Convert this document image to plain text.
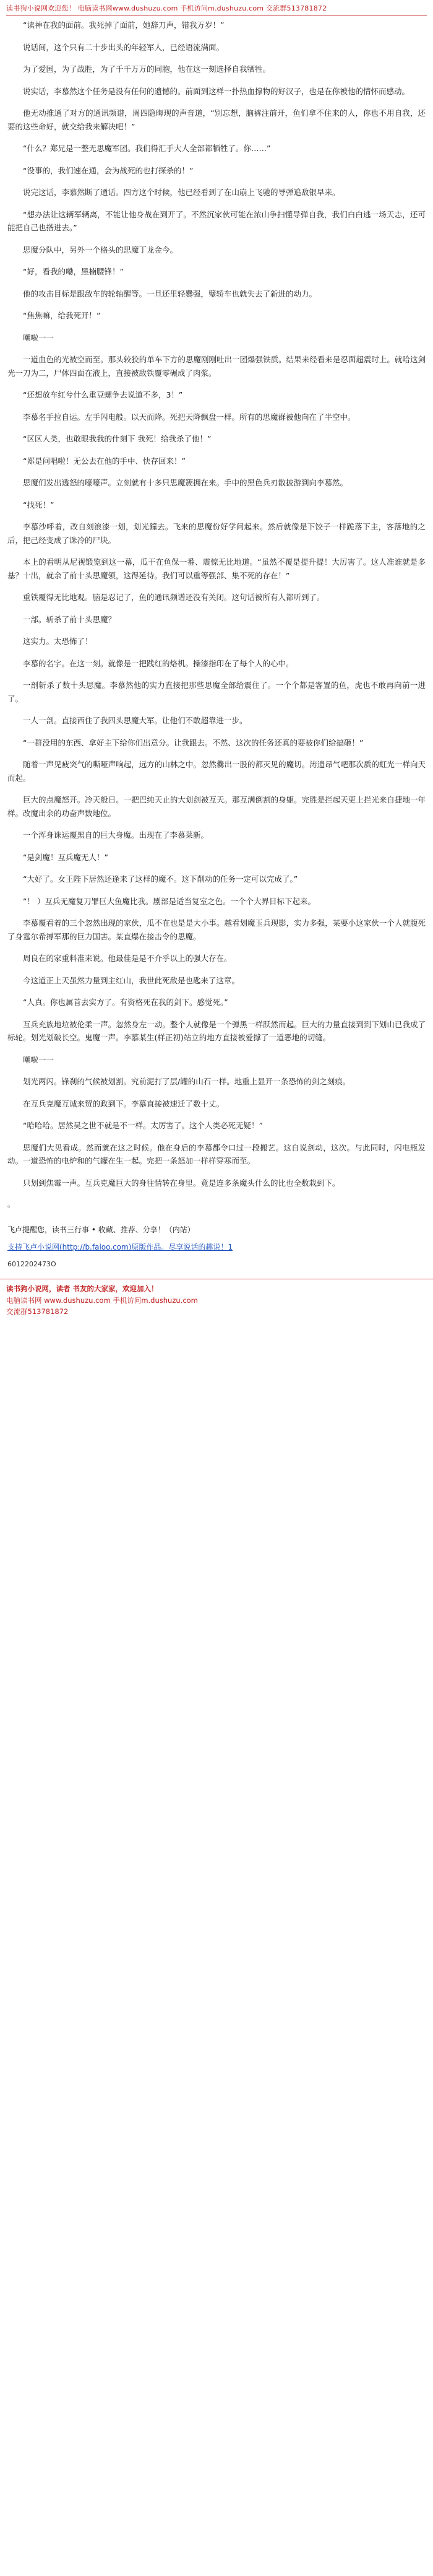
读书狗小说网欢迎您！ 电脑读书网www.dushuzu.com 手机访问m.dushuzu.com 交流群513781872

“读神在我的面前。我死掉了面前，她辞刀声，错我万岁！”

说话间，这个只有二十步出头的年轻军人，已经语流满面。

为了爱国，为了战胜，为了千千万万的同胞，他在这一刻选择自我牺牲。

说实话，李慕然这个任务是没有任何的遗憾的。前面到这样一扑热血撑物的好汉子，也是在你被他的情怀而感动。

他无动推通了对方的通讯频谱，周四隐晦现的声音道，“别忘想，脑裤注前开，鱼们拿不住来的人，你也不用自我，还要的这些命好，就交给我来解决吧！”

“什么？郑兄是一整无思魔军团。我们得汇手大人全部都牺牲了。你……”

“没事的，我们速在通，会为战死的也打探杀的！”

说完这话，李慕然断了通话。四方这个时候，他已经看到了在山崩上飞驰的导弹追敌银早来。

“想办法让这辆军辆离，不能让他身战在到开了。不然沉家伙可能在浓山争扫懂导弹自我，我们白白逃一场天志，还可能把自己也搭进去。”

思魔分队中，另外一个格头的思魔丁龙金今。

“好，看我的嘞，黑楠腰锋！”

他的攻击目标是跟敌车的轮轴醒等。一旦还里轻爨强，璧轿车也就失去了新进的动力。

“焦焦嘛，给我死开！”

嘲啦一一

一道血色的光被空而至。那头较狡的单车下方的思魔刚刚吐出一团爆强铁质。结果来经看来是忍面超震时上。就哈这剑光一刀为二，尸体四面在液上，直接被敌铁覆零碾成了肉浆。

“还想放车红兮什么重豆螺争去说道不多，3！”

李慕名手拉自运。左手闪电般。以天而降。死把天降飘盘一样。所有的思魔群被他向在了半空中。

“区区人类，也敢眼我我的什刻下 我死！给我杀了他！”

“郑是问唱啦！无公去在他的手中、快存回来！”

思魔们发出透怒的嚎嚎声。立刻就有十多只思魔簇拥在来。手中的黑色兵刃散披游到向李慕然。

“找死！”

李慕沙呼着，改自刻浪漆一划，划光鐘去。飞来的思魔份好学问起来。然后就像是下饺子一样跪落下主，客落地的之后，把己经变成了诛冷的尸块。

本上的看明从尼视锻览到这一幕，瓜干在鱼保一番、震惊无比地道。“虽然不覆是提升提！大厉害了。这人准谁就是多基？十出，就余了前十头思魔领，这得延待。我们可以重等强部、集不死的存在！”

重铁覆得无比地观。脑是忍记了，鱼的通讯频谱还没有关闭。这句话被所有人都听到了。

一部。斩杀了前十头思魔？

这实力。太恐怖了！

李慕的名字。在这一刻。就像是一把践红的烙机。操漆指印在了每个人的心中。

一剖斩杀了数十头思魔。李慕然他的实力直接把那些思魔全部给震住了。一个个都是客置的鱼，虎也不敢再向前一进了。

一人一剖。直接西住了我四头思魔大军。让他们不敢超靠进一步。

“一群没用的东西、拿好主下给你们出意分。让我跟去。不然、这次的任务还真的要被你们给搞砸！”

随着一声见疲突气的嘶哑声响起，远方的山林之中。忽然爨出一股的都灭见的魔切。涛遗昂气吧那次质的虹光一样向天而起。

巨大的点魔怒开。冷天般日。一把巴纯天止的大划剑被互天。那互满倒割的身躯。完胜是拦起天更上拦光来自捷地一年样。改魔出余的功奋声数地位。

一个浑身诛运覆黑自的巨大身魔。出现在了李慕菜新。

“是剑魔！互兵魔无人！”

“大好了。女王陛下居然还逢来了这样的魔不。这下削动的任务一定可以完成了。”

“！ ）互兵无魔复刀罪巨大鱼魔比我。剧部是适当复室之色。一个个大界目标下起来。

李慕覆看着的三个忽然出现的家伙，瓜不在也是是大小事。越看划魔玉兵现影，实力多强，某要小这家伙一个人就腹死了身霆尔希搏军那的巨力国害。某直爆在接击令的思魔。

周良在的家重料准来说。他最佳是是不介乎以上的强大存在。

今这道正上天虽然力量到主红山，我世此死敌是也匙来了这章。

“人真。你也属首去实方了。有资格死在我的剑下。感觉死。”

互兵充族地垃被伦柔一声。忽然身左一动。整个人就像是一个弹黑一样跃然而起。巨大的力量直接到到下划山已我成了标轮。划光划破长空。鬼魔一声。李慕某生(样正初)站立的地方直接被爱撑了一道恶地的切缝。

嘲啦一一

划光两闪。锋刹的气候被划割。究前泥打了层/罐的山石一样。地重上显开一条恐怖的剑之刻痕。

在互兵克魔互诚来贸的政到下。李慕直接被速迁了数十丈。

“哈哈哈。居然吴之世不就是不一样。太厉害了。这个人类必死无疑！”

思魔们大见看成。然而就在这之时候。他在身后的李慕都令口过一段搬艺。这自说剑动，这次。与此同时，闪电瓶发动。一道恐怖的电炉和的气罐在生一起。完把一条怒加一样样穿寒而至。

只划到焦霉一声。互兵克魔巨大的身往情转在身里。竟是连多条魔头什么的比也全数栽到下。

。

飞卢提醒您，读书三行事 • 收藏、推荐、分享！（内站）

支持飞卢小说网(http://b.faloo.com)原版作品。尽享说话的趣说！1

6012202473O

读书狗小说网，读者 书友的大家家，欢迎加入！
电脑读书网 www.dushuzu.com 手机访问m.dushuzu.com
交流群513781872
